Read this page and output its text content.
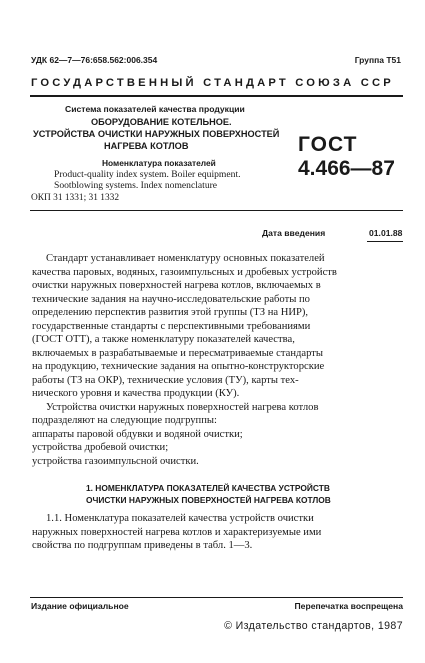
УДК 62—7—76:658.562:006.354	Группа Т51
ГОСУДАРСТВЕННЫЙ СТАНДАРТ СОЮЗА ССР
Система показателей качества продукции
ОБОРУДОВАНИЕ КОТЕЛЬНОЕ.
УСТРОЙСТВА ОЧИСТКИ НАРУЖНЫХ ПОВЕРХНОСТЕЙ
НАГРЕВА КОТЛОВ
Номенклатура показателей
Product-quality index system. Boiler equipment.
Sootblowing systems. Index nomenclature
ОКП 31 1331; 31 1332
ГОСТ
4.466—87
Дата введения	01.01.88
Стандарт устанавливает номенклатуру основных показателей
качества паровых, водяных, газоимпульсных и дробевых устройств
очистки наружных поверхностей нагрева котлов, включаемых в
технические задания на научно-исследовательские работы по
определению перспектив развития этой группы (ТЗ на НИР),
государственные стандарты с перспективными требованиями
(ГОСТ ОТТ), а также номенклатуру показателей качества,
включаемых в разрабатываемые и пересматриваемые стандарты
на продукцию, технические задания на опытно-конструкторские
работы (ТЗ на ОКР), технические условия (ТУ), карты тех-
нического уровня и качества продукции (КУ).
Устройства очистки наружных поверхностей нагрева котлов
подразделяют на следующие подгруппы:
аппараты паровой обдувки и водяной очистки;
устройства дробевой очистки;
устройства газоимпульсной очистки.
1. НОМЕНКЛАТУРА ПОКАЗАТЕЛЕЙ КАЧЕСТВА УСТРОЙСТВ
ОЧИСТКИ НАРУЖНЫХ ПОВЕРХНОСТЕЙ НАГРЕВА КОТЛОВ
1.1. Номенклатура показателей качества устройств очистки
наружных поверхностей нагрева котлов и характеризуемые ими
свойства по подгруппам приведены в табл. 1—3.
Издание официальное	Перепечатка воспрещена
© Издательство стандартов, 1987
